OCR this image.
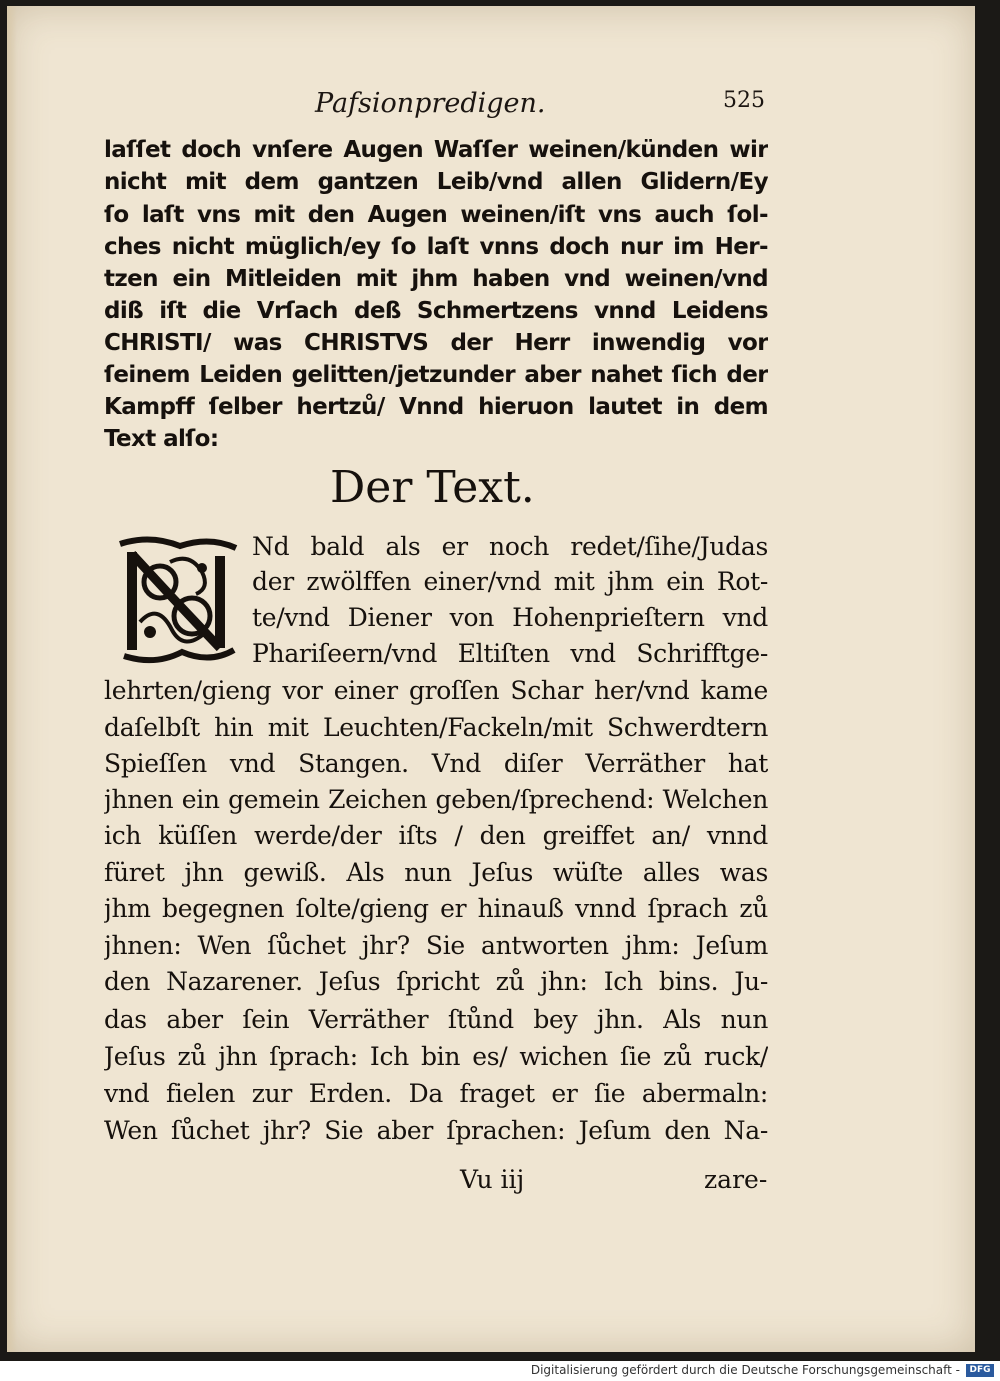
Pafsionpredigen.	525
laſſet doch vnſere Augen Waſſer weinen/künden wir
nicht mit dem gantzen Leib/vnd allen Glidern/Ey
ſo laſt vns mit den Augen weinen/iſt vns auch ſol-
ches nicht müglich/ey ſo laſt vnns doch nur im Her-
tzen ein Mitleiden mit jhm haben vnd weinen/vnd
diß iſt die Vrſach deß Schmertzens vnnd Leidens
CHRISTI/ was CHRISTVS der Herr inwendig vor
ſeinem Leiden gelitten/jetzunder aber nahet ſich der
Kampff ſelber hertzů/ Vnnd hieruon lautet in dem
Text alſo:
Der Text.
Nd bald als er noch redet/ſihe/Judas
der zwölffen einer/vnd mit jhm ein Rot-
te/vnd Diener von Hohenprieſtern vnd
Phariſeern/vnd Eltiſten vnd Schrifftge-
lehrten/gieng vor einer groſſen Schar her/vnd kame
daſelbſt hin mit Leuchten/Fackeln/mit Schwerdtern
Spieſſen vnd Stangen. Vnd diſer Verräther hat
jhnen ein gemein Zeichen geben/ſprechend: Welchen
ich küſſen werde/der iſts / den greiffet an/ vnnd
füret jhn gewiß. Als nun Jeſus wüſte alles was
jhm begegnen ſolte/gieng er hinauß vnnd ſprach zů
jhnen: Wen ſůchet jhr? Sie antworten jhm: Jeſum
den Nazarener. Jeſus ſpricht zů jhn: Ich bins. Ju-
das aber ſein Verräther ſtůnd bey jhn. Als nun
Jeſus zů jhn ſprach: Ich bin es/ wichen ſie zů ruck/
vnd fielen zur Erden. Da fraget er ſie abermaln:
Wen ſůchet jhr? Sie aber ſprachen: Jeſum den Na-
Vu iij	zare-
Digitalisierung gefördert durch die Deutsche Forschungsgemeinschaft -	DFG
